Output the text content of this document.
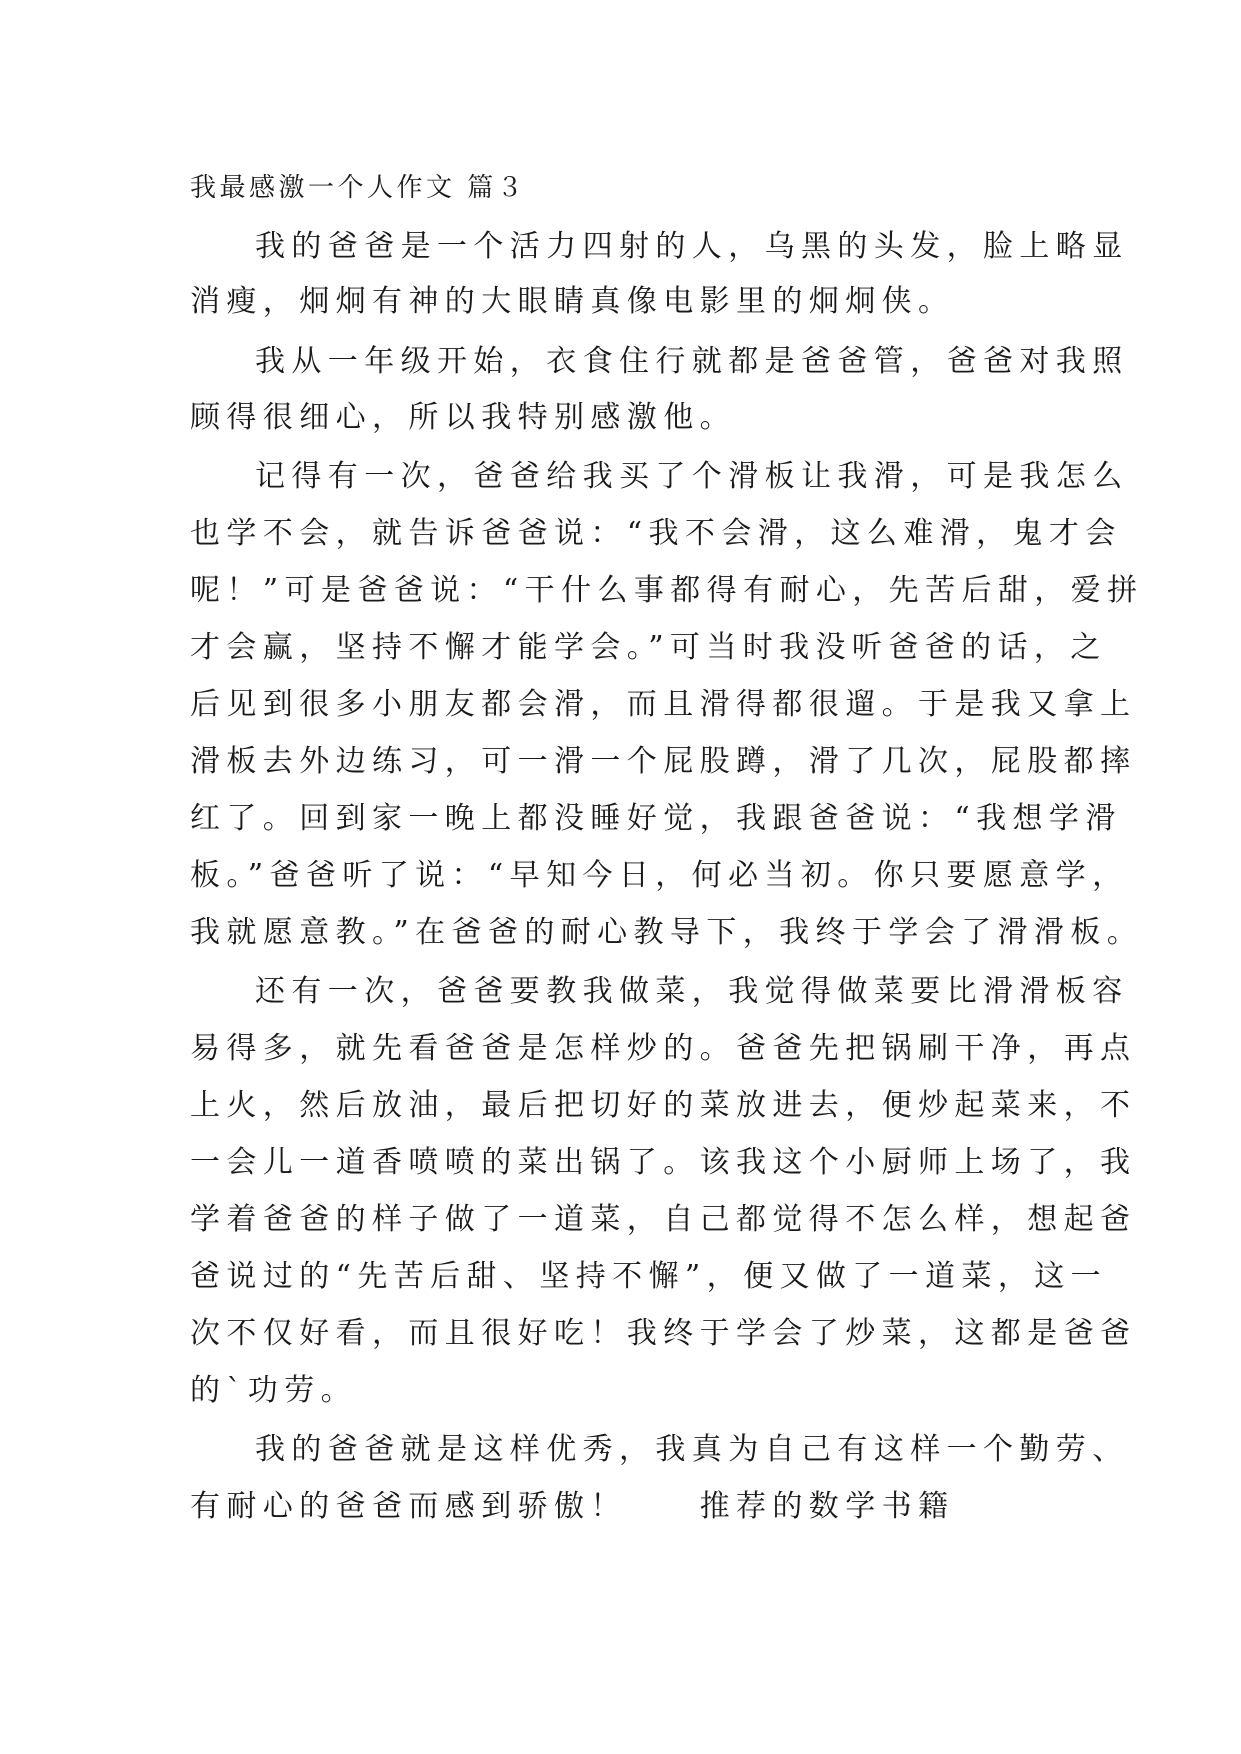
我最感激一个人作文 篇３
我的爸爸是一个活力四射的人，乌黑的头发，脸上略显
消瘦，炯炯有神的大眼睛真像电影里的炯炯侠。
我从一年级开始，衣食住行就都是爸爸管，爸爸对我照
顾得很细心，所以我特别感激他。
记得有一次，爸爸给我买了个滑板让我滑，可是我怎么
也学不会，就告诉爸爸说：“我不会滑，这么难滑，鬼才会
呢！”可是爸爸说：“干什么事都得有耐心，先苦后甜，爱拼
才会赢，坚持不懈才能学会。”可当时我没听爸爸的话，之
后见到很多小朋友都会滑，而且滑得都很遛。于是我又拿上
滑板去外边练习，可一滑一个屁股蹲，滑了几次，屁股都摔
红了。回到家一晚上都没睡好觉，我跟爸爸说：“我想学滑
板。”爸爸听了说：“早知今日，何必当初。你只要愿意学，
我就愿意教。”在爸爸的耐心教导下，我终于学会了滑滑板。
还有一次，爸爸要教我做菜，我觉得做菜要比滑滑板容
易得多，就先看爸爸是怎样炒的。爸爸先把锅刷干净，再点
上火，然后放油，最后把切好的菜放进去，便炒起菜来，不
一会儿一道香喷喷的菜出锅了。该我这个小厨师上场了，我
学着爸爸的样子做了一道菜，自己都觉得不怎么样，想起爸
爸说过的“先苦后甜、坚持不懈”，便又做了一道菜，这一
次不仅好看，而且很好吃！我终于学会了炒菜，这都是爸爸
的`功劳。
我的爸爸就是这样优秀，我真为自己有这样一个勤劳、
有耐心的爸爸而感到骄傲！　　推荐的数学书籍
